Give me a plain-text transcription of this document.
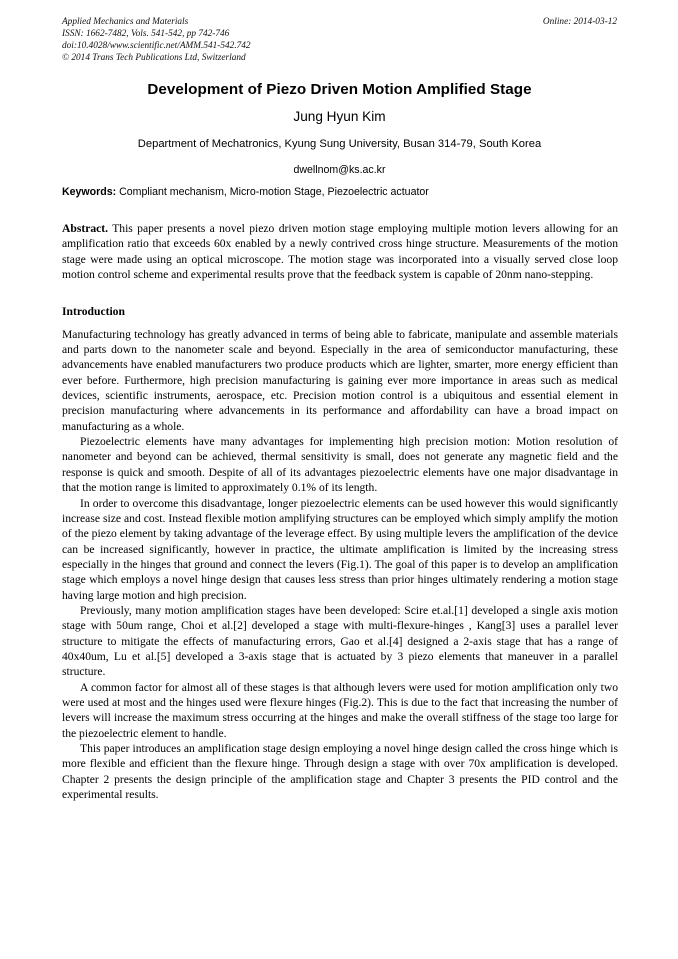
Applied Mechanics and Materials
ISSN: 1662-7482, Vols. 541-542, pp 742-746
doi:10.4028/www.scientific.net/AMM.541-542.742
© 2014 Trans Tech Publications Ltd, Switzerland
Online: 2014-03-12
Development of Piezo Driven Motion Amplified Stage
Jung Hyun Kim
Department of Mechatronics, Kyung Sung University, Busan 314-79, South Korea
dwellnom@ks.ac.kr
Keywords: Compliant mechanism, Micro-motion Stage, Piezoelectric actuator

Abstract. This paper presents a novel piezo driven motion stage employing multiple motion levers allowing for an amplification ratio that exceeds 60x enabled by a newly contrived cross hinge structure. Measurements of the motion stage were made using an optical microscope. The motion stage was incorporated into a visually served close loop motion control scheme and experimental results prove that the feedback system is capable of 20nm nano-stepping.

Introduction

Manufacturing technology has greatly advanced in terms of being able to fabricate, manipulate and assemble materials and parts down to the nanometer scale and beyond. Especially in the area of semiconductor manufacturing, these advancements have enabled manufacturers two produce products which are lighter, smarter, more energy efficient than ever before. Furthermore, high precision manufacturing is gaining ever more importance in areas such as medical devices, scientific instruments, aerospace, etc. Precision motion control is a ubiquitous and essential element in precision manufacturing where advancements in its performance and affordability can have a broad impact on manufacturing as a whole.

Piezoelectric elements have many advantages for implementing high precision motion: Motion resolution of nanometer and beyond can be achieved, thermal sensitivity is small, does not generate any magnetic field and the response is quick and smooth. Despite of all of its advantages piezoelectric elements have one major disadvantage in that the motion range is limited to approximately 0.1% of its length.

In order to overcome this disadvantage, longer piezoelectric elements can be used however this would significantly increase size and cost. Instead flexible motion amplifying structures can be employed which simply amplify the motion of the piezo element by taking advantage of the leverage effect. By using multiple levers the amplification of the device can be increased significantly, however in practice, the ultimate amplification is limited by the increasing stress especially in the hinges that ground and connect the levers (Fig.1). The goal of this paper is to develop an amplification stage which employs a novel hinge design that causes less stress than prior hinges ultimately rendering a motion stage having large motion and high precision.

Previously, many motion amplification stages have been developed: Scire et.al.[1] developed a single axis motion stage with 50um range, Choi et al.[2] developed a stage with multi-flexure-hinges , Kang[3] uses a parallel lever structure to mitigate the effects of manufacturing errors, Gao et al.[4] designed a 2-axis stage that has a range of 40x40um, Lu et al.[5] developed a 3-axis stage that is actuated by 3 piezo elements that maneuver in a parallel structure.

A common factor for almost all of these stages is that although levers were used for motion amplification only two were used at most and the hinges used were flexure hinges (Fig.2). This is due to the fact that increasing the number of levers will increase the maximum stress occurring at the hinges and make the overall stiffness of the stage too large for the piezoelectric element to handle.

This paper introduces an amplification stage design employing a novel hinge design called the cross hinge which is more flexible and efficient than the flexure hinge. Through design a stage with over 70x amplification is developed. Chapter 2 presents the design principle of the amplification stage and Chapter 3 presents the PID control and the experimental results.
